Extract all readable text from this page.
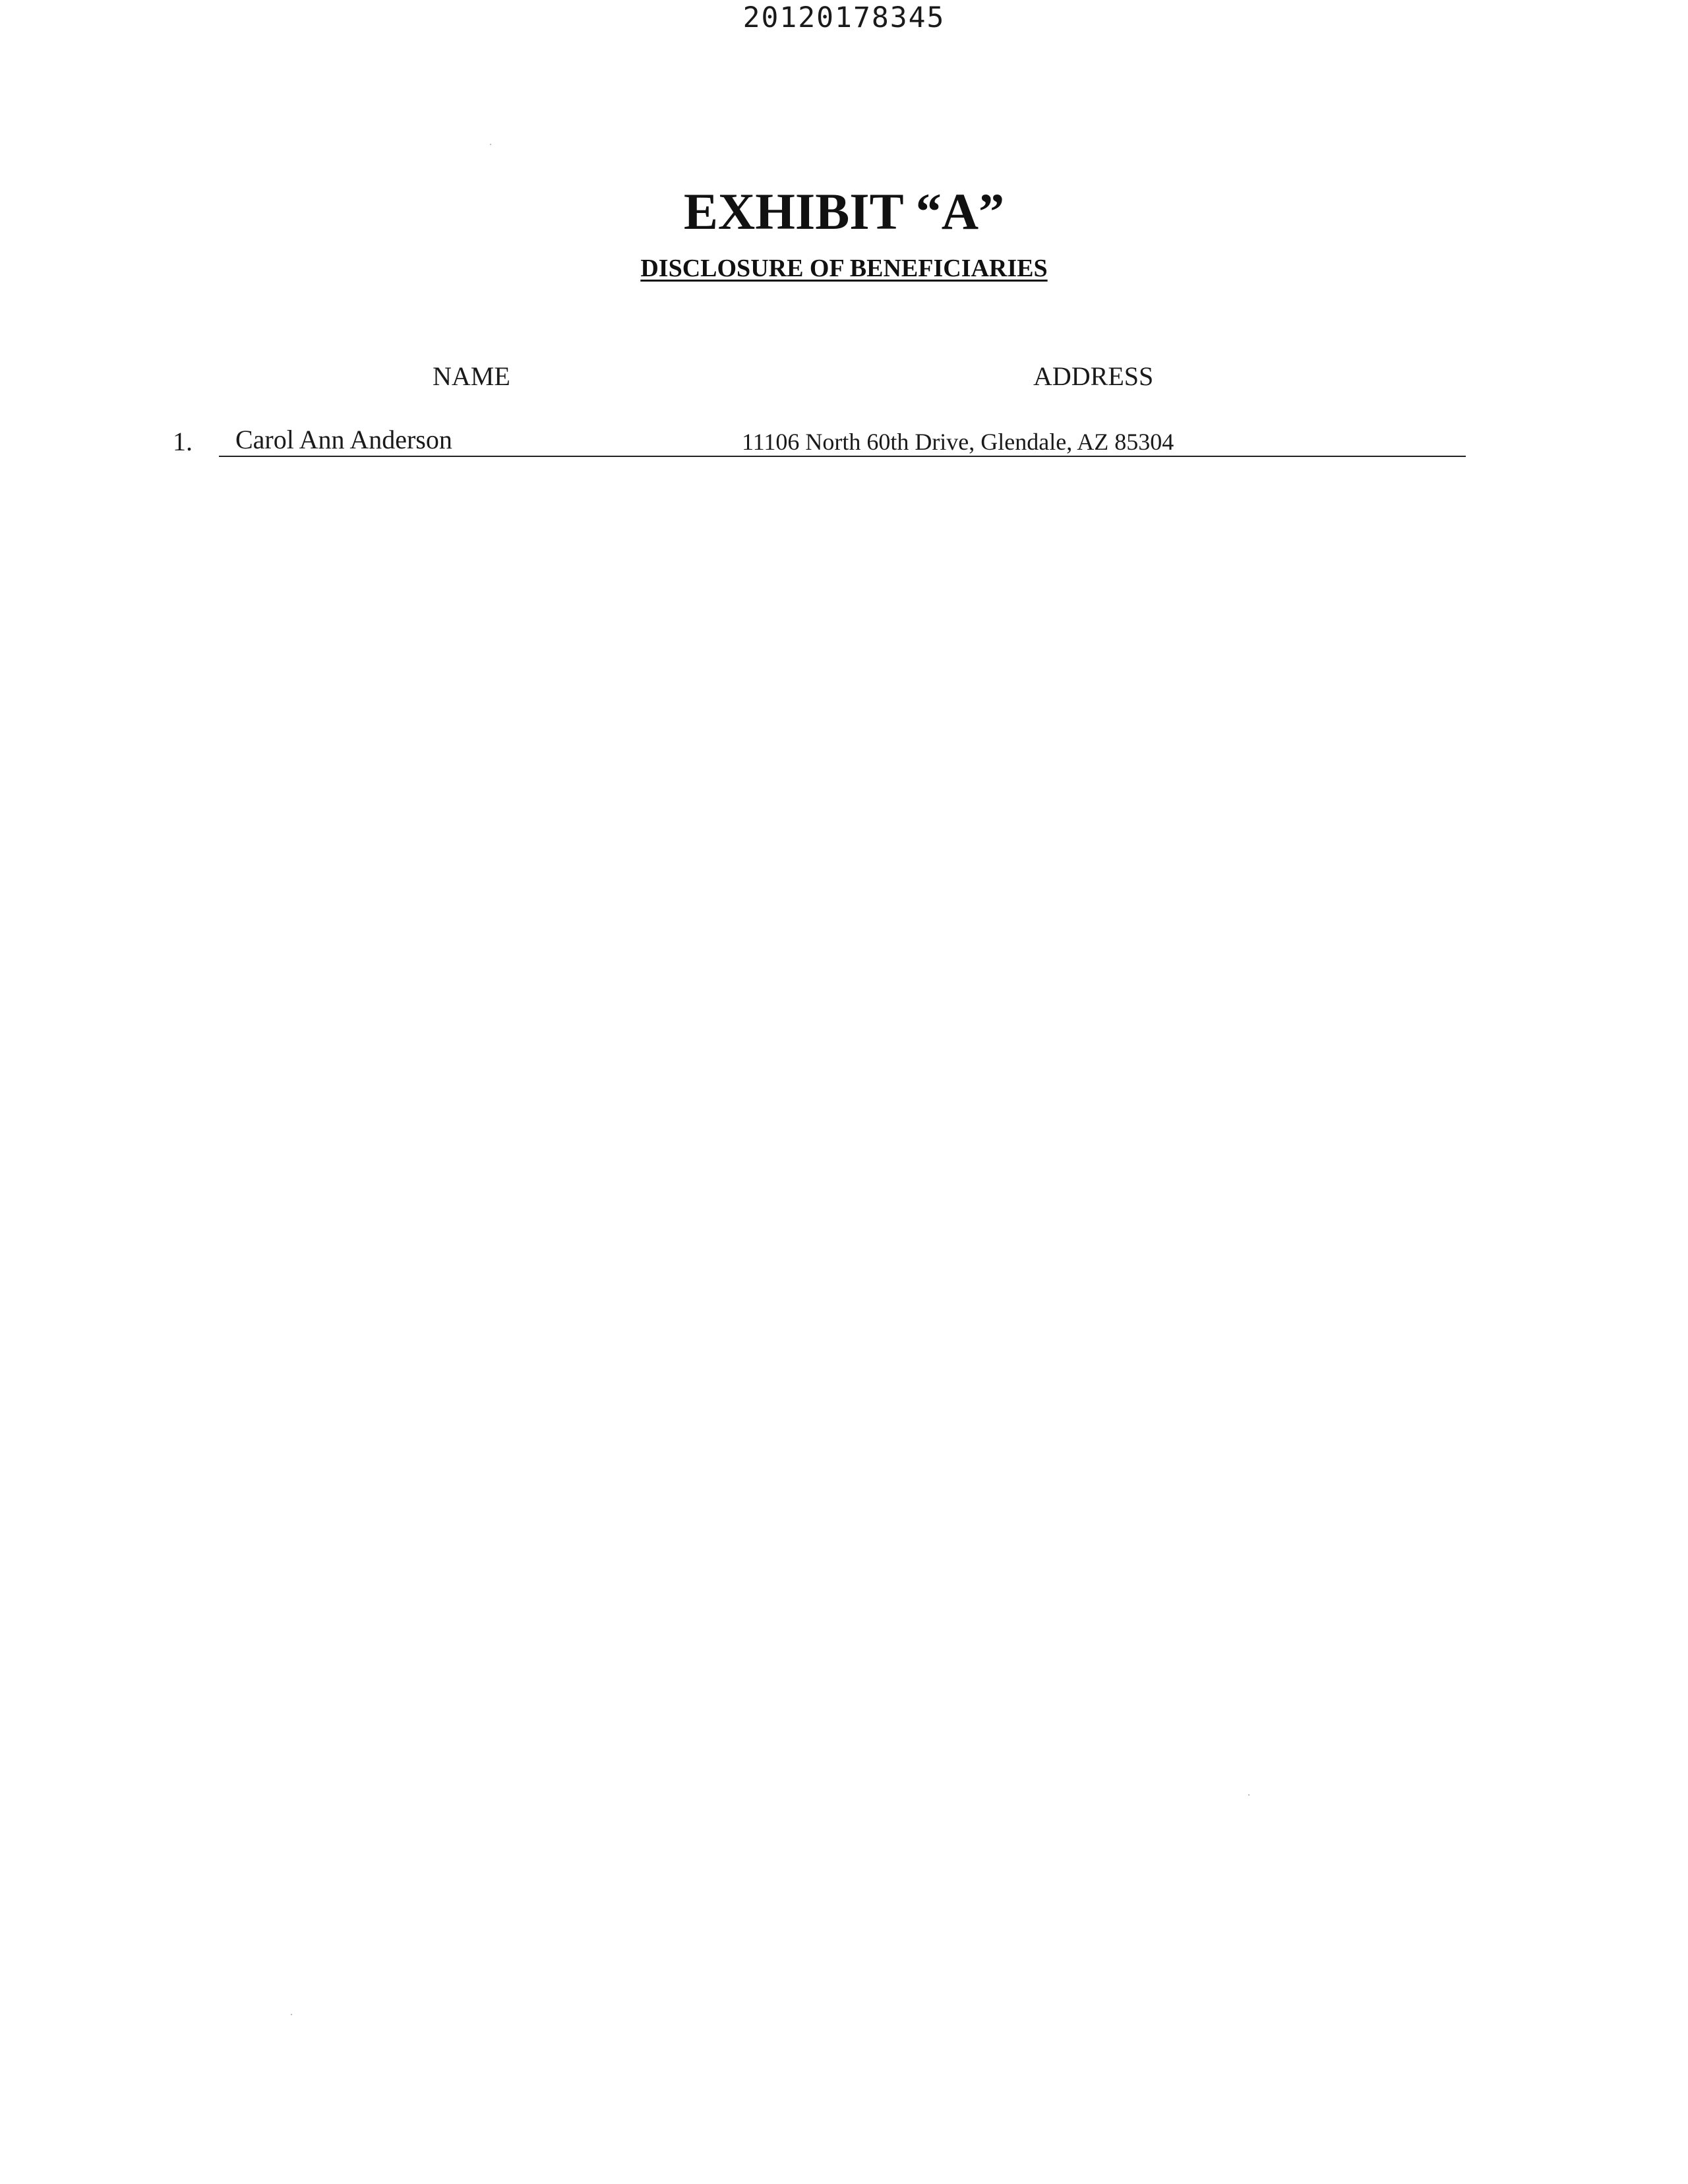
20120178345
EXHIBIT “A”
DISCLOSURE OF BENEFICIARIES
NAME	ADDRESS
1. Carol Ann Anderson	11106 North 60th Drive, Glendale, AZ 85304
